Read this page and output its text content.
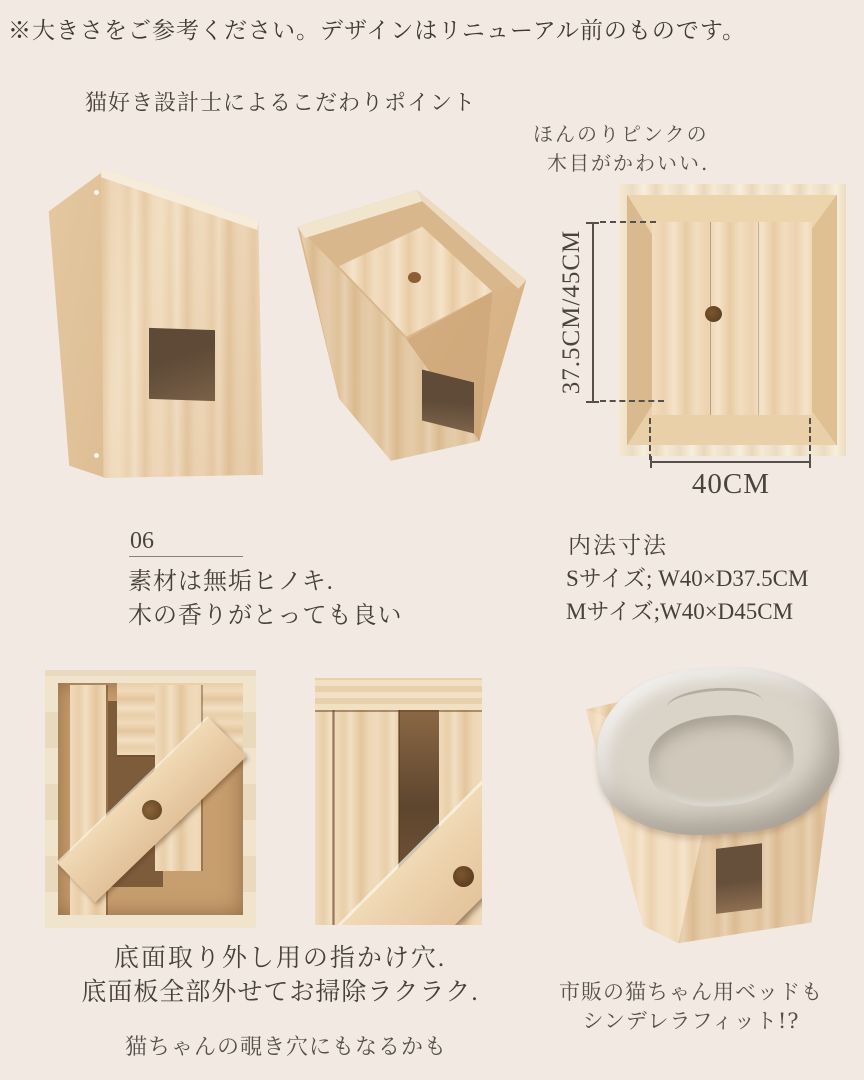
※大きさをご参考ください。デザインはリニューアル前のものです。
猫好き設計士によるこだわりポイント
ほんのりピンクの
木目がかわいい.
37.5CM/45CM
40CM
06
素材は無垢ヒノキ.
木の香りがとっても良い
内法寸法
Sサイズ; W40×D37.5CM
Mサイズ;W40×D45CM
底面取り外し用の指かけ穴.
底面板全部外せてお掃除ラクラク.
猫ちゃんの覗き穴にもなるかも
市販の猫ちゃん用ベッドも
シンデレラフィット!?
